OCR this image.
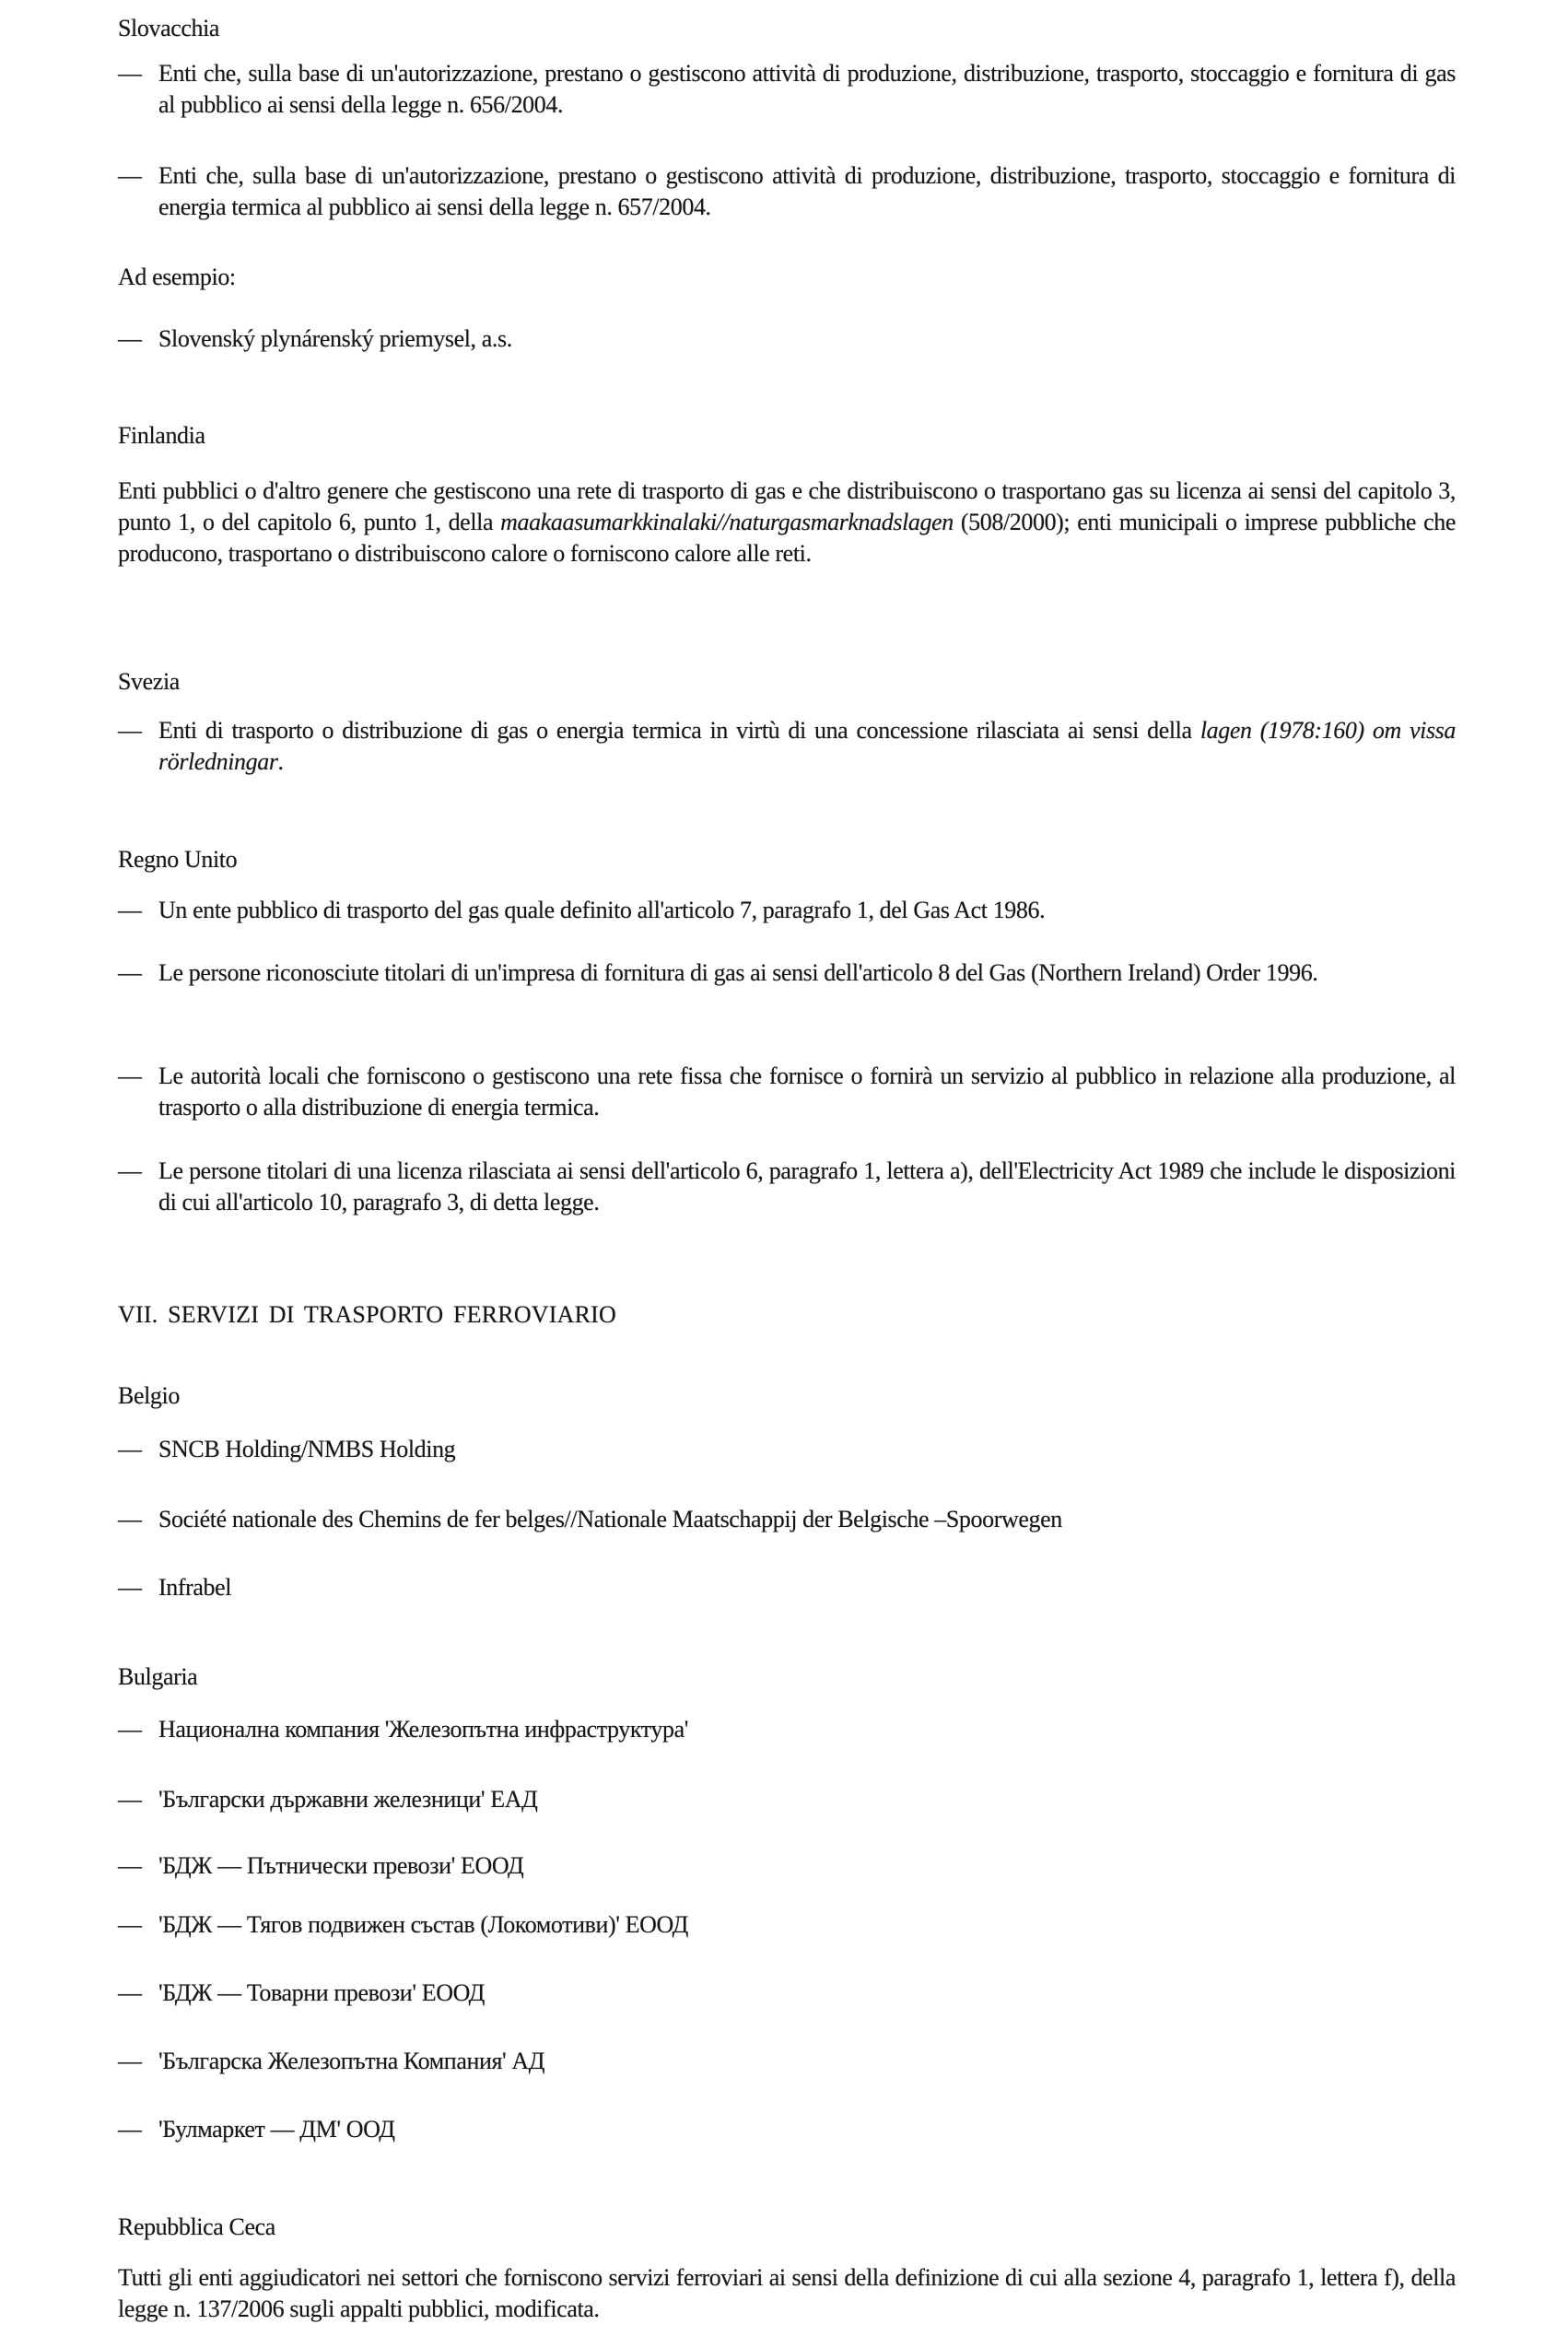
Slovacchia
— Enti che, sulla base di un'autorizzazione, prestano o gestiscono attività di produzione, distribuzione, trasporto, stoccaggio e fornitura di gas al pubblico ai sensi della legge n. 656/2004.
— Enti che, sulla base di un'autorizzazione, prestano o gestiscono attività di produzione, distribuzione, trasporto, stoccaggio e fornitura di energia termica al pubblico ai sensi della legge n. 657/2004.
Ad esempio:
— Slovenský plynárenský priemysel, a.s.
Finlandia
Enti pubblici o d'altro genere che gestiscono una rete di trasporto di gas e che distribuiscono o trasportano gas su licenza ai sensi del capitolo 3, punto 1, o del capitolo 6, punto 1, della maakaasumarkkinalaki//naturgasmarknadslagen (508/2000); enti municipali o imprese pubbliche che producono, trasportano o distribuiscono calore o forniscono calore alle reti.
Svezia
— Enti di trasporto o distribuzione di gas o energia termica in virtù di una concessione rilasciata ai sensi della lagen (1978:160) om vissa rörledningar.
Regno Unito
— Un ente pubblico di trasporto del gas quale definito all'articolo 7, paragrafo 1, del Gas Act 1986.
— Le persone riconosciute titolari di un'impresa di fornitura di gas ai sensi dell'articolo 8 del Gas (Northern Ireland) Order 1996.
— Le autorità locali che forniscono o gestiscono una rete fissa che fornisce o fornirà un servizio al pubblico in relazione alla produzione, al trasporto o alla distribuzione di energia termica.
— Le persone titolari di una licenza rilasciata ai sensi dell'articolo 6, paragrafo 1, lettera a), dell'Electricity Act 1989 che include le disposizioni di cui all'articolo 10, paragrafo 3, di detta legge.
VII. SERVIZI DI TRASPORTO FERROVIARIO
Belgio
— SNCB Holding/NMBS Holding
— Société nationale des Chemins de fer belges//Nationale Maatschappij der Belgische –Spoorwegen
— Infrabel
Bulgaria
— Национална компания 'Железопътна инфраструктура'
— 'Български държавни железници' ЕАД
— 'БДЖ — Пътнически превози' ЕООД
— 'БДЖ — Тягов подвижен състав (Локомотиви)' ЕООД
— 'БДЖ — Товарни превози' ЕООД
— 'Българска Железопътна Компания' АД
— 'Булмаркет — ДМ' ООД
Repubblica Ceca
Tutti gli enti aggiudicatori nei settori che forniscono servizi ferroviari ai sensi della definizione di cui alla sezione 4, paragrafo 1, lettera f), della legge n. 137/2006 sugli appalti pubblici, modificata.
